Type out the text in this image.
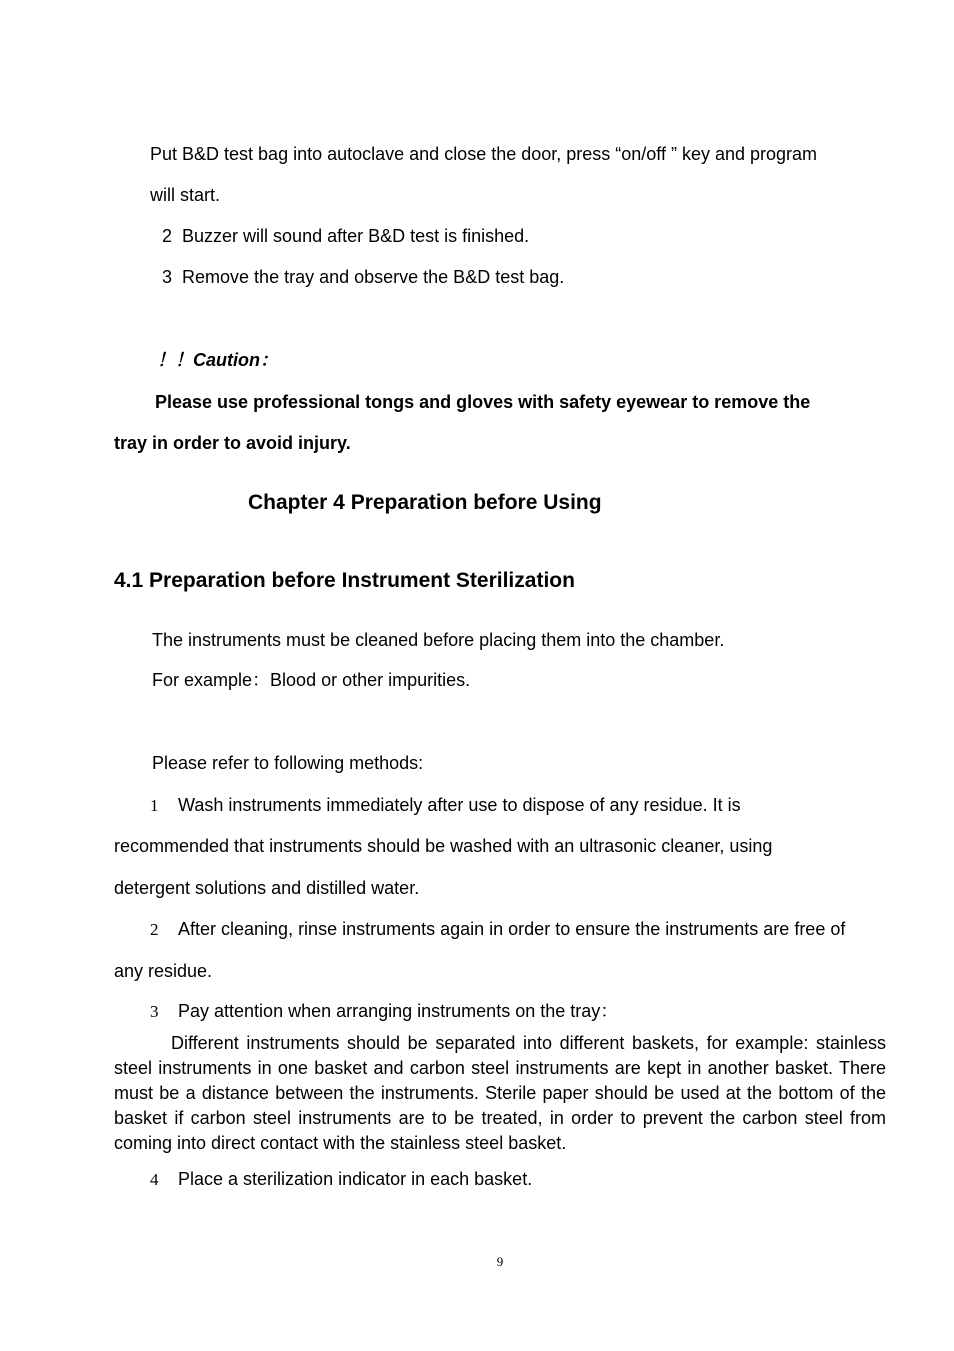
Put B&D test bag into autoclave and close the door, press “on/off ” key and program

will start.

2 Buzzer will sound after B&D test is finished.

3 Remove the tray and observe the B&D test bag.

！！Caution：

Please use professional tongs and gloves with safety eyewear to remove the

tray in order to avoid injury.

Chapter 4 Preparation before Using

4.1 Preparation before Instrument Sterilization

The instruments must be cleaned before placing them into the chamber.

For example：Blood or other impurities.

Please refer to following methods:

1 Wash instruments immediately after use to dispose of any residue. It is

recommended that instruments should be washed with an ultrasonic cleaner, using

detergent solutions and distilled water.

2 After cleaning, rinse instruments again in order to ensure the instruments are free of

any residue.

3 Pay attention when arranging instruments on the tray：

Different instruments should be separated into different baskets, for example: stainless steel instruments in one basket and carbon steel instruments are kept in another basket. There must be a distance between the instruments. Sterile paper should be used at the bottom of the basket if carbon steel instruments are to be treated, in order to prevent the carbon steel from coming into direct contact with the stainless steel basket.

4 Place a sterilization indicator in each basket.

9
